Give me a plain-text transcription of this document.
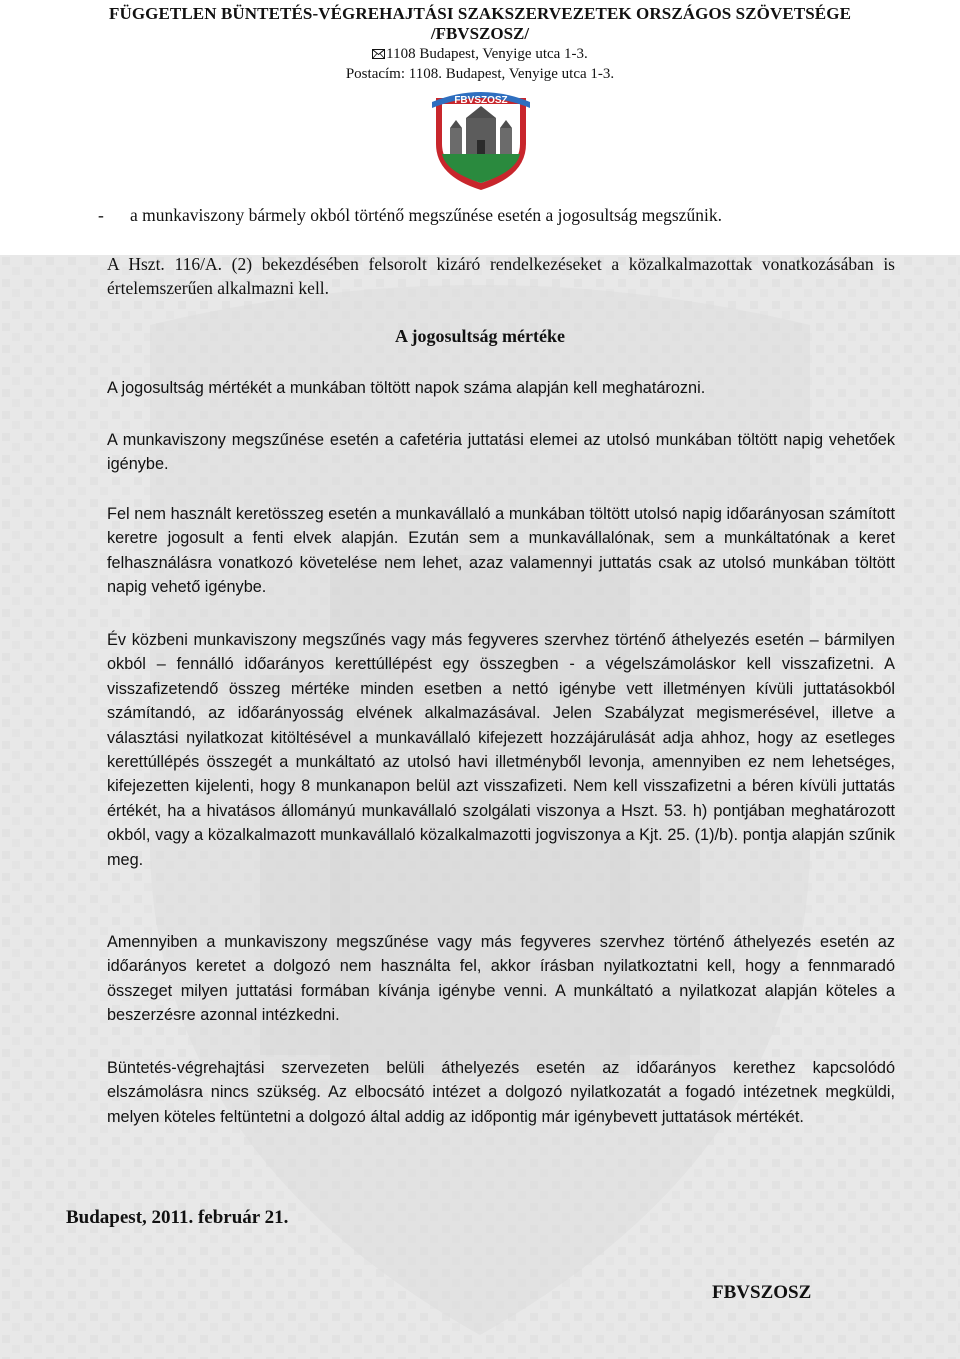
FÜGGETLEN BÜNTETÉS-VÉGREHAJTÁSI SZAKSZERVEZETEK ORSZÁGOS SZÖVETSÉGE
/FBVSZOSZ/
1108 Budapest, Venyige utca 1-3.
Postacím: 1108. Budapest, Venyige utca 1-3.
FBVSZOSZ
- a munkaviszony bármely okból történő megszűnése esetén a jogosultság megszűnik.

A Hszt. 116/A. (2) bekezdésében felsorolt kizáró rendelkezéseket a közalkalmazottak vonatkozásában is értelemszerűen alkalmazni kell.

A jogosultság mértéke

A jogosultság mértékét a munkában töltött napok száma alapján kell meghatározni.

A munkaviszony megszűnése esetén a cafetéria juttatási elemei az utolsó munkában töltött napig vehetőek igénybe.

Fel nem használt keretösszeg esetén a munkavállaló a munkában töltött utolsó napig időarányosan számított keretre jogosult a fenti elvek alapján. Ezután sem a munkavállalónak, sem a munkáltatónak a keret felhasználásra vonatkozó követelése nem lehet, azaz valamennyi juttatás csak az utolsó munkában töltött napig vehető igénybe.

Év közbeni munkaviszony megszűnés vagy más fegyveres szervhez történő áthelyezés esetén – bármilyen okból – fennálló időarányos kerettúllépést egy összegben - a végelszámoláskor kell visszafizetni. A visszafizetendő összeg mértéke minden esetben a nettó igénybe vett illetményen kívüli juttatásokból számítandó, az időarányosság elvének alkalmazásával. Jelen Szabályzat megismerésével, illetve a választási nyilatkozat kitöltésével a munkavállaló kifejezett hozzájárulását adja ahhoz, hogy az esetleges kerettúllépés összegét a munkáltató az utolsó havi illetményből levonja, amennyiben ez nem lehetséges, kifejezetten kijelenti, hogy 8 munkanapon belül azt visszafizeti. Nem kell visszafizetni a béren kívüli juttatás értékét, ha a hivatásos állományú munkavállaló szolgálati viszonya a Hszt. 53. h) pontjában meghatározott okból, vagy a közalkalmazott munkavállaló közalkalmazotti jogviszonya a Kjt. 25. (1)/b). pontja alapján szűnik meg.

Amennyiben a munkaviszony megszűnése vagy más fegyveres szervhez történő áthelyezés esetén az időarányos keretet a dolgozó nem használta fel, akkor írásban nyilatkoztatni kell, hogy a fennmaradó összeget milyen juttatási formában kívánja igénybe venni. A munkáltató a nyilatkozat alapján köteles a beszerzésre azonnal intézkedni.

Büntetés-végrehajtási szervezeten belüli áthelyezés esetén az időarányos kerethez kapcsolódó elszámolásra nincs szükség. Az elbocsátó intézet a dolgozó nyilatkozatát a fogadó intézetnek megküldi, melyen köteles feltüntetni a dolgozó által addig az időpontig már igénybevett juttatások mértékét.

Budapest, 2011. február 21.
FBVSZOSZ
